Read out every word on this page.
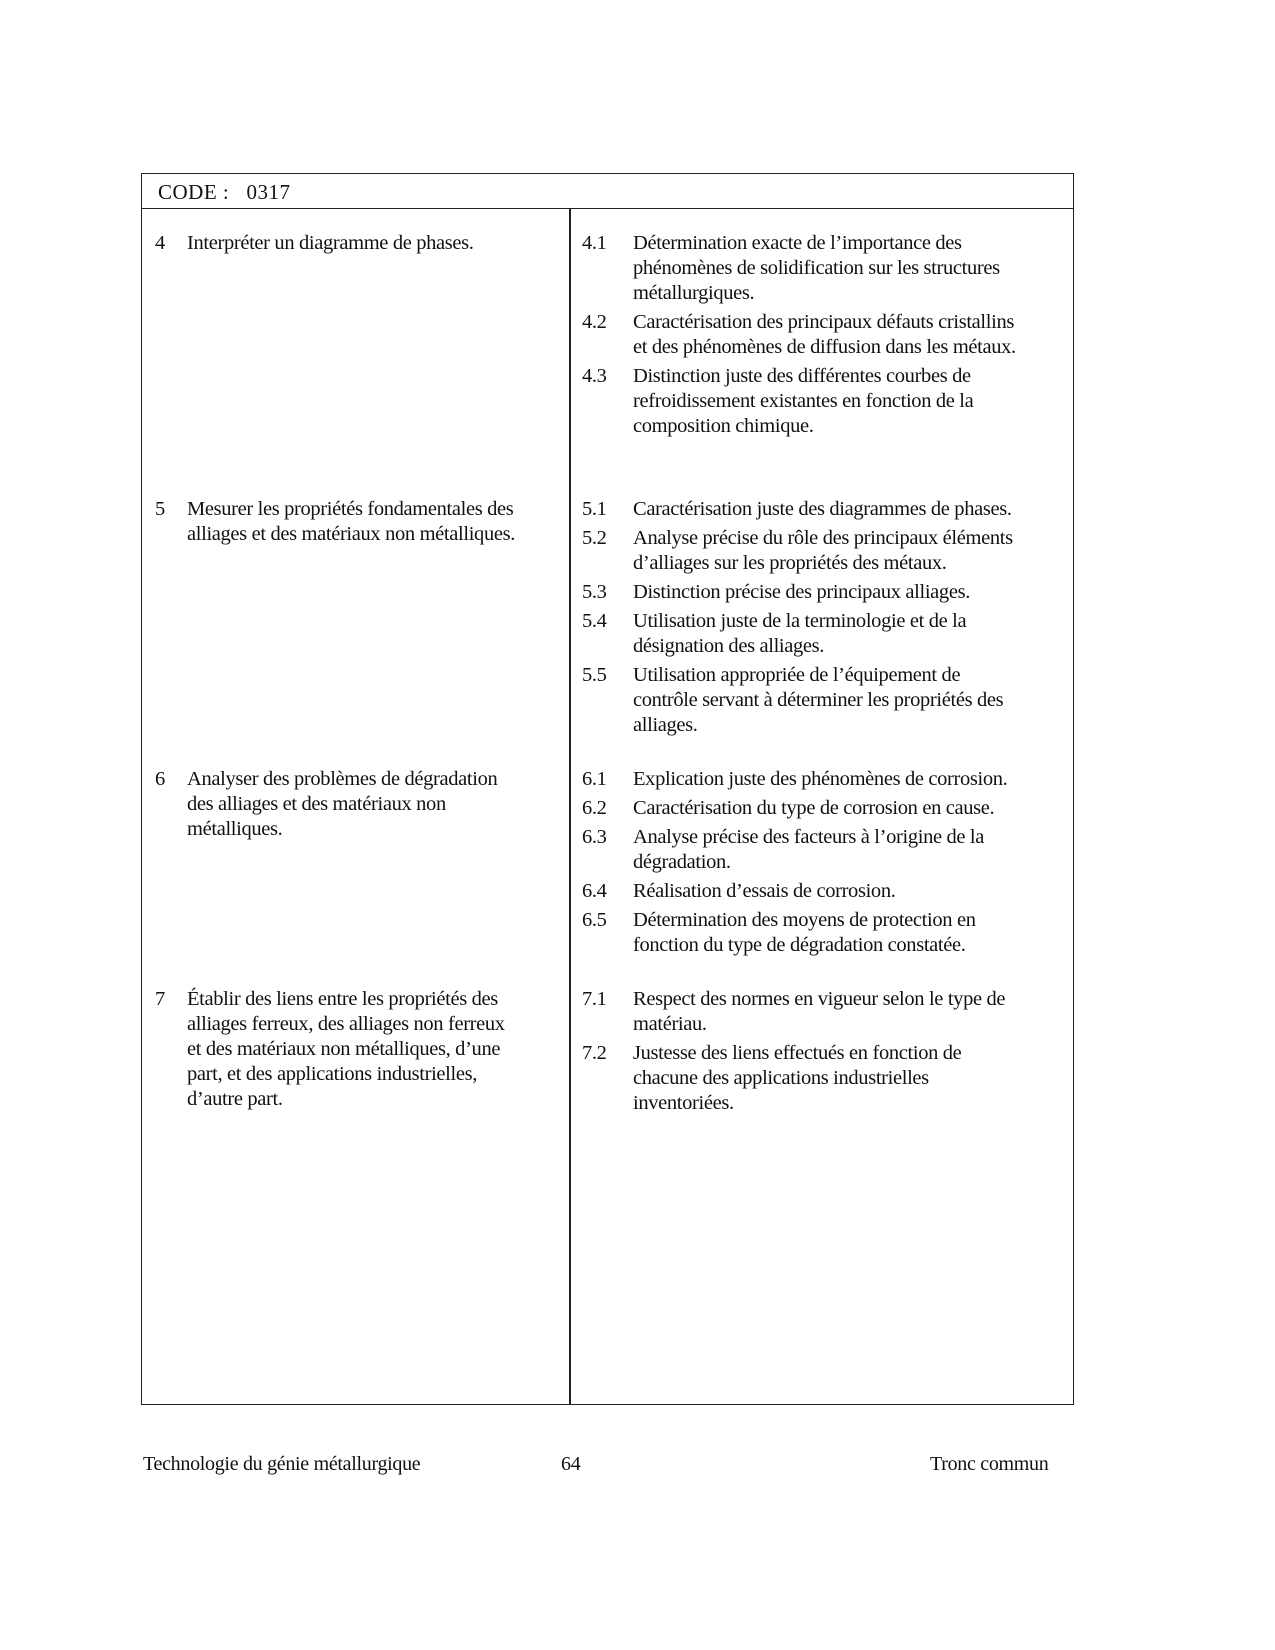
CODE : 0317
4 Interpréter un diagramme de phases.
5 Mesurer les propriétés fondamentales des
alliages et des matériaux non métalliques.
6 Analyser des problèmes de dégradation
des alliages et des matériaux non
métalliques.
7 Établir des liens entre les propriétés des
alliages ferreux, des alliages non ferreux
et des matériaux non métalliques, d’une
part, et des applications industrielles,
d’autre part.
4.1 Détermination exacte de l’importance des
phénomènes de solidification sur les structures
métallurgiques.
4.2 Caractérisation des principaux défauts cristallins
et des phénomènes de diffusion dans les métaux.
4.3 Distinction juste des différentes courbes de
refroidissement existantes en fonction de la
composition chimique.
5.1 Caractérisation juste des diagrammes de phases.
5.2 Analyse précise du rôle des principaux éléments
d’alliages sur les propriétés des métaux.
5.3 Distinction précise des principaux alliages.
5.4 Utilisation juste de la terminologie et de la
désignation des alliages.
5.5 Utilisation appropriée de l’équipement de
contrôle servant à déterminer les propriétés des
alliages.
6.1 Explication juste des phénomènes de corrosion.
6.2 Caractérisation du type de corrosion en cause.
6.3 Analyse précise des facteurs à l’origine de la
dégradation.
6.4 Réalisation d’essais de corrosion.
6.5 Détermination des moyens de protection en
fonction du type de dégradation constatée.
7.1 Respect des normes en vigueur selon le type de
matériau.
7.2 Justesse des liens effectués en fonction de
chacune des applications industrielles
inventoriées.
Technologie du génie métallurgique	64	Tronc commun
